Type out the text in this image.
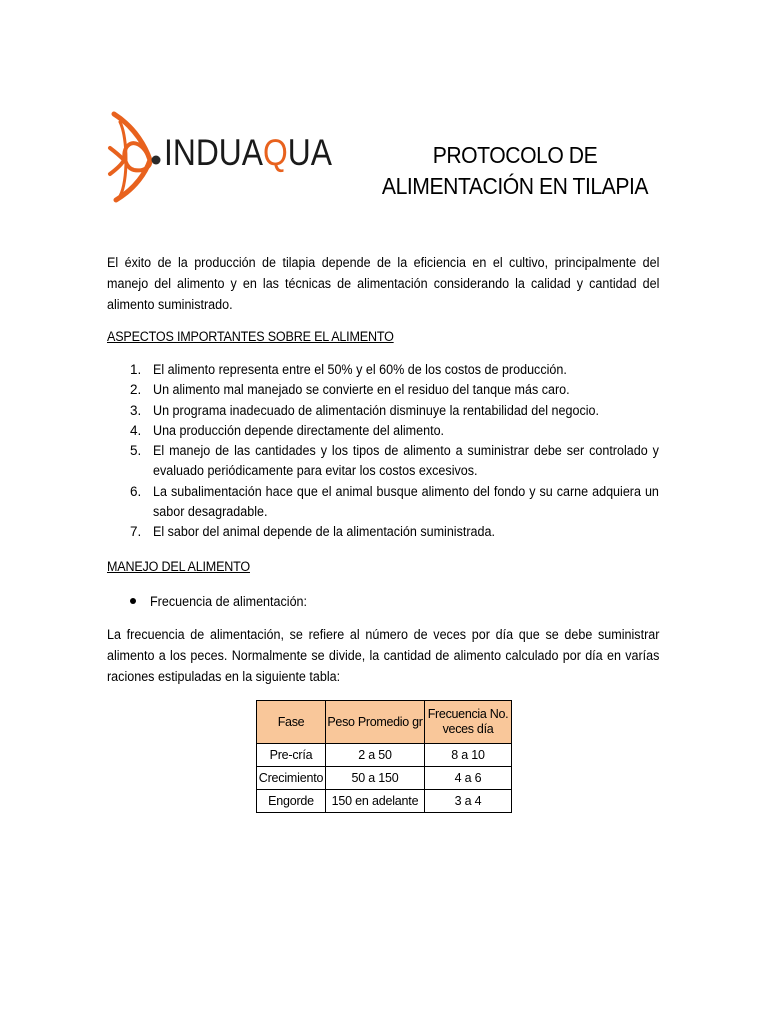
INDUAQUA	PROTOCOLO DE
ALIMENTACIÓN EN TILAPIA
El éxito de la producción de tilapia depende de la eficiencia en el cultivo, principalmente del manejo del alimento y en las técnicas de alimentación considerando la calidad y cantidad del alimento suministrado.
ASPECTOS IMPORTANTES SOBRE EL ALIMENTO
1. El alimento representa entre el 50% y el 60% de los costos de producción.
2. Un alimento mal manejado se convierte en el residuo del tanque más caro.
3. Un programa inadecuado de alimentación disminuye la rentabilidad del negocio.
4. Una producción depende directamente del alimento.
5. El manejo de las cantidades y los tipos de alimento a suministrar debe ser controlado y evaluado periódicamente para evitar los costos excesivos.
6. La subalimentación hace que el animal busque alimento del fondo y su carne adquiera un sabor desagradable.
7. El sabor del animal depende de la alimentación suministrada.
MANEJO DEL ALIMENTO
Frecuencia de alimentación:
La frecuencia de alimentación, se refiere al número de veces por día que se debe suministrar alimento a los peces. Normalmente se divide, la cantidad de alimento calculado por día en varías raciones estipuladas en la siguiente tabla:
Fase	Peso Promedio gr	Frecuencia No. veces día
Pre-cría	2 a 50	8 a 10
Crecimiento	50 a 150	4 a 6
Engorde	150 en adelante	3 a 4
